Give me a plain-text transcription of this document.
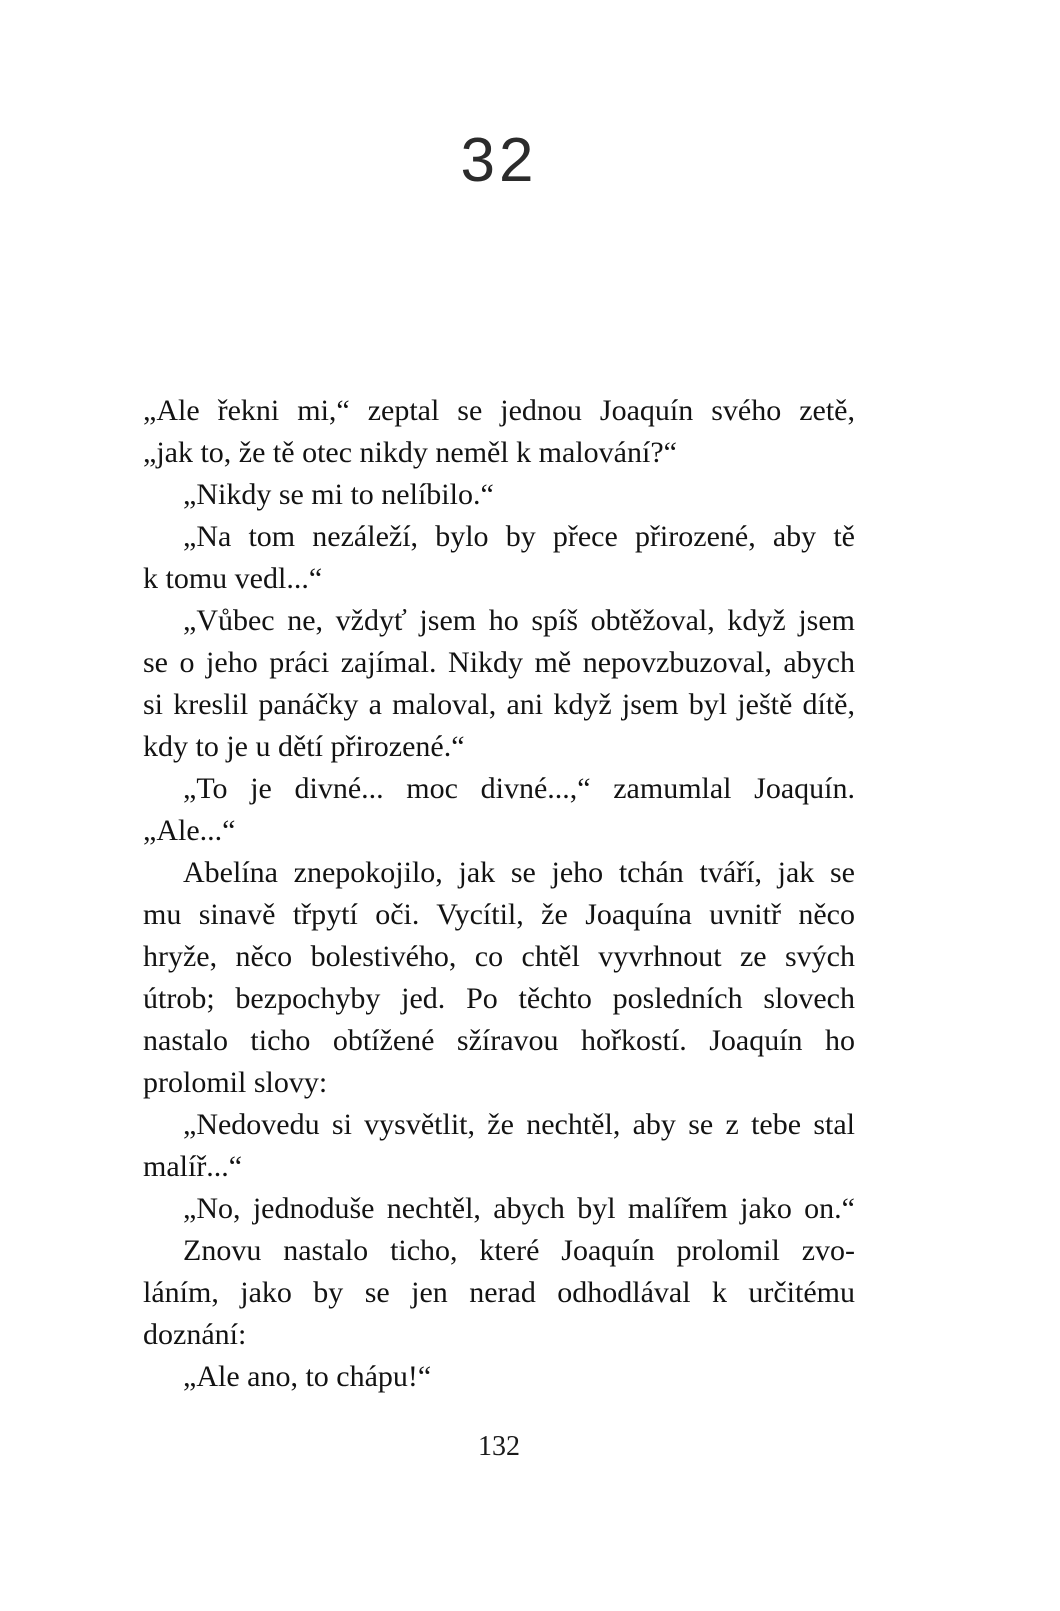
32
„Ale řekni mi,“ zeptal se jednou Joaquín svého zetě,
„jak to, že tě otec nikdy neměl k malování?“
„Nikdy se mi to nelíbilo.“
„Na tom nezáleží, bylo by přece přirozené, aby tě
k tomu vedl...“
„Vůbec ne, vždyť jsem ho spíš obtěžoval, když jsem
se o jeho práci zajímal. Nikdy mě nepovzbuzoval, abych
si kreslil panáčky a maloval, ani když jsem byl ještě dítě,
kdy to je u dětí přirozené.“
„To je divné... moc divné...,“ zamumlal Joaquín.
„Ale...“
Abelína znepokojilo, jak se jeho tchán tváří, jak se
mu sinavě třpytí oči. Vycítil, že Joaquína uvnitř něco
hryže, něco bolestivého, co chtěl vyvrhnout ze svých
útrob; bezpochyby jed. Po těchto posledních slovech
nastalo ticho obtížené sžíravou hořkostí. Joaquín ho
prolomil slovy:
„Nedovedu si vysvětlit, že nechtěl, aby se z tebe stal
malíř...“
„No, jednoduše nechtěl, abych byl malířem jako on.“
Znovu nastalo ticho, které Joaquín prolomil zvo-
láním, jako by se jen nerad odhodlával k určitému
doznání:
„Ale ano, to chápu!“
132
